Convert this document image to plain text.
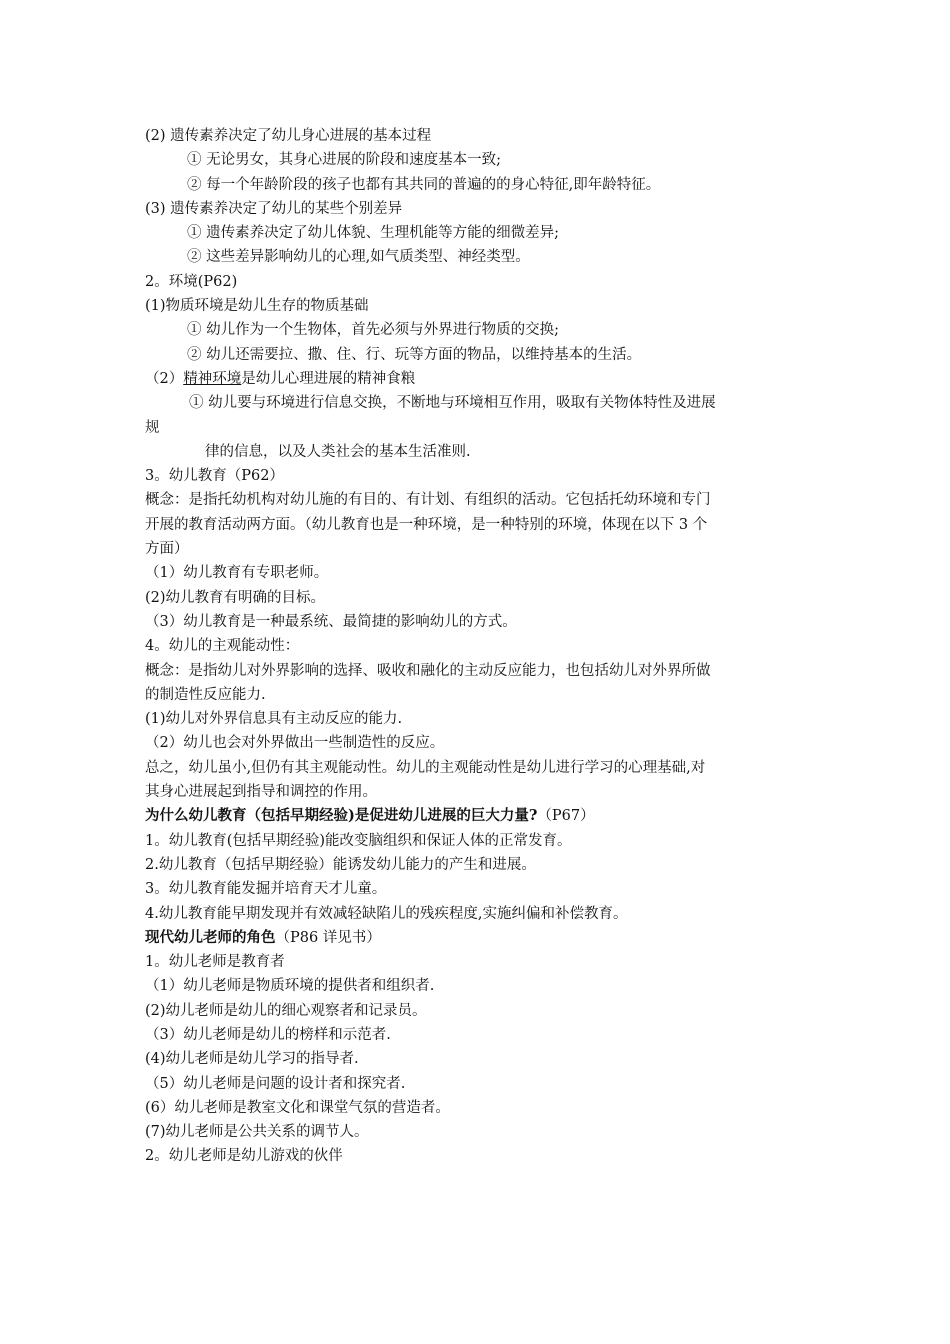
(2) 遗传素养决定了幼儿身心进展的基本过程
① 无论男女，其身心进展的阶段和速度基本一致;
② 每一个年龄阶段的孩子也都有其共同的普遍的的身心特征,即年龄特征。
(3) 遗传素养决定了幼儿的某些个别差异
① 遗传素养决定了幼儿体貌、生理机能等方能的细微差异;
② 这些差异影响幼儿的心理,如气质类型、神经类型。
2。环境(P62)
(1)物质环境是幼儿生存的物质基础
① 幼儿作为一个生物体，首先必须与外界进行物质的交换;
② 幼儿还需要拉、撒、住、行、玩等方面的物品，以维持基本的生活。
（2）精神环境是幼儿心理进展的精神食粮
① 幼儿要与环境进行信息交换，不断地与环境相互作用，吸取有关物体特性及进展
规
律的信息，以及人类社会的基本生活准则.
3。幼儿教育（P62）
概念：是指托幼机构对幼儿施的有目的、有计划、有组织的活动。它包括托幼环境和专门
开展的教育活动两方面。（幼儿教育也是一种环境，是一种特别的环境，体现在以下 3 个
方面）
（1）幼儿教育有专职老师。
(2)幼儿教育有明确的目标。
（3）幼儿教育是一种最系统、最简捷的影响幼儿的方式。
4。幼儿的主观能动性：
概念：是指幼儿对外界影响的选择、吸收和融化的主动反应能力，也包括幼儿对外界所做
的制造性反应能力.
(1)幼儿对外界信息具有主动反应的能力.
（2）幼儿也会对外界做出一些制造性的反应。
总之，幼儿虽小,但仍有其主观能动性。幼儿的主观能动性是幼儿进行学习的心理基础,对
其身心进展起到指导和调控的作用。
为什么幼儿教育（包括早期经验)是促进幼儿进展的巨大力量?（P67）
1。幼儿教育(包括早期经验)能改变脑组织和保证人体的正常发育。
2.幼儿教育（包括早期经验）能诱发幼儿能力的产生和进展。
3。幼儿教育能发掘并培育天才儿童。
4.幼儿教育能早期发现并有效减轻缺陷儿的残疾程度,实施纠偏和补偿教育。
现代幼儿老师的角色（P86 详见书）
1。幼儿老师是教育者
（1）幼儿老师是物质环境的提供者和组织者.
(2)幼儿老师是幼儿的细心观察者和记录员。
（3）幼儿老师是幼儿的榜样和示范者.
(4)幼儿老师是幼儿学习的指导者.
（5）幼儿老师是问题的设计者和探究者.
(6）幼儿老师是教室文化和课堂气氛的营造者。
(7)幼儿老师是公共关系的调节人。
2。幼儿老师是幼儿游戏的伙伴
